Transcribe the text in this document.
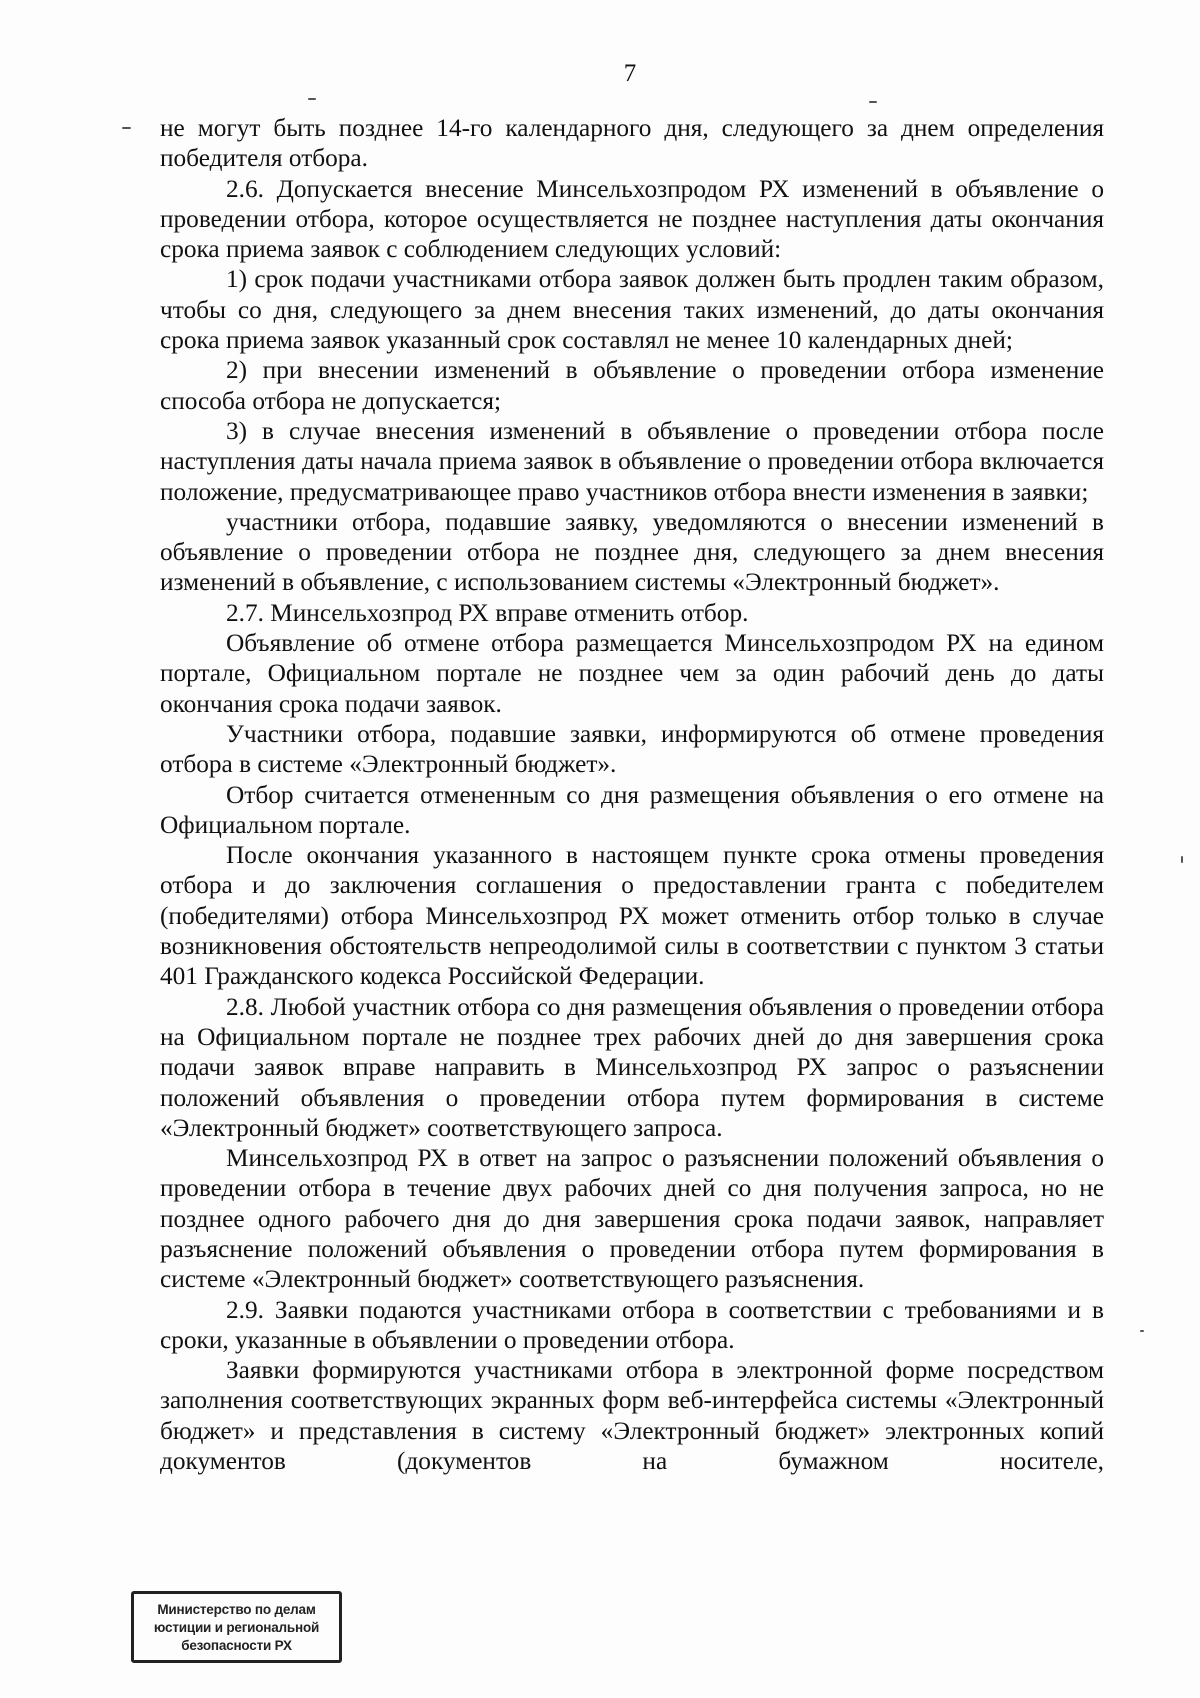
7

не могут быть позднее 14-го календарного дня, следующего за днем определения победителя отбора.

2.6. Допускается внесение Минсельхозпродом РХ изменений в объявление о проведении отбора, которое осуществляется не позднее наступления даты окончания срока приема заявок с соблюдением следующих условий:

1) срок подачи участниками отбора заявок должен быть продлен таким образом, чтобы со дня, следующего за днем внесения таких изменений, до даты окончания срока приема заявок указанный срок составлял не менее 10 календарных дней;

2) при внесении изменений в объявление о проведении отбора изменение способа отбора не допускается;

3) в случае внесения изменений в объявление о проведении отбора после наступления даты начала приема заявок в объявление о проведении отбора включается положение, предусматривающее право участников отбора внести изменения в заявки;

участники отбора, подавшие заявку, уведомляются о внесении изменений в объявление о проведении отбора не позднее дня, следующего за днем внесения изменений в объявление, с использованием системы «Электронный бюджет».

2.7. Минсельхозпрод РХ вправе отменить отбор.

Объявление об отмене отбора размещается Минсельхозпродом РХ на едином портале, Официальном портале не позднее чем за один рабочий день до даты окончания срока подачи заявок.

Участники отбора, подавшие заявки, информируются об отмене проведения отбора в системе «Электронный бюджет».

Отбор считается отмененным со дня размещения объявления о его отмене на Официальном портале.

После окончания указанного в настоящем пункте срока отмены проведения отбора и до заключения соглашения о предоставлении гранта с победителем (победителями) отбора Минсельхозпрод РХ может отменить отбор только в случае возникновения обстоятельств непреодолимой силы в соответствии с пунктом 3 статьи 401 Гражданского кодекса Российской Федерации.

2.8. Любой участник отбора со дня размещения объявления о проведении отбора на Официальном портале не позднее трех рабочих дней до дня завершения срока подачи заявок вправе направить в Минсельхозпрод РХ запрос о разъяснении положений объявления о проведении отбора путем формирования в системе «Электронный бюджет» соответствующего запроса.

Минсельхозпрод РХ в ответ на запрос о разъяснении положений объявления о проведении отбора в течение двух рабочих дней со дня получения запроса, но не позднее одного рабочего дня до дня завершения срока подачи заявок, направляет разъяснение положений объявления о проведении отбора путем формирования в системе «Электронный бюджет» соответствующего разъяснения.

2.9. Заявки подаются участниками отбора в соответствии с требованиями и в сроки, указанные в объявлении о проведении отбора.

Заявки формируются участниками отбора в электронной форме посредством заполнения соответствующих экранных форм веб-интерфейса системы «Электронный бюджет» и представления в систему «Электронный бюджет» электронных копий документов (документов на бумажном носителе,

Министерство по делам
юстиции и региональной
безопасности РХ
